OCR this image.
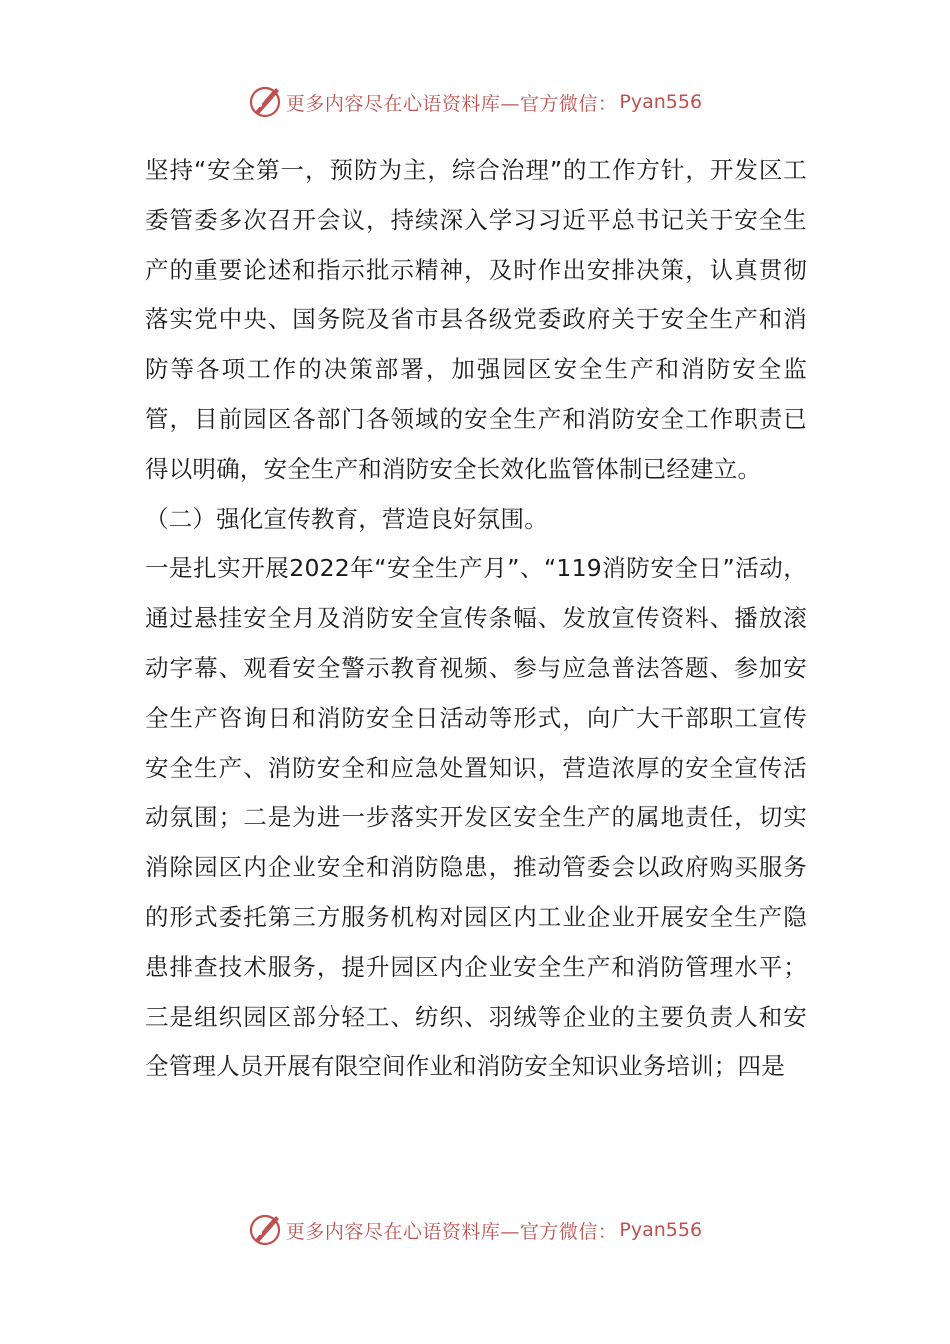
更多内容尽在心语资料库—官方微信： Pyan556

坚持“安全第一，预防为主，综合治理”的工作方针，开发区工委管委多次召开会议，持续深入学习习近平总书记关于安全生产的重要论述和指示批示精神，及时作出安排决策，认真贯彻落实党中央、国务院及省市县各级党委政府关于安全生产和消防等各项工作的决策部署，加强园区安全生产和消防安全监管，目前园区各部门各领域的安全生产和消防安全工作职责已得以明确，安全生产和消防安全长效化监管体制已经建立。

（二）强化宣传教育，营造良好氛围。

一是扎实开展2022年“安全生产月”、“119消防安全日”活动，通过悬挂安全月及消防安全宣传条幅、发放宣传资料、播放滚动字幕、观看安全警示教育视频、参与应急普法答题、参加安全生产咨询日和消防安全日活动等形式，向广大干部职工宣传安全生产、消防安全和应急处置知识，营造浓厚的安全宣传活动氛围；二是为进一步落实开发区安全生产的属地责任，切实消除园区内企业安全和消防隐患，推动管委会以政府购买服务的形式委托第三方服务机构对园区内工业企业开展安全生产隐患排查技术服务，提升园区内企业安全生产和消防管理水平；三是组织园区部分轻工、纺织、羽绒等企业的主要负责人和安全管理人员开展有限空间作业和消防安全知识业务培训；四是

更多内容尽在心语资料库—官方微信： Pyan556
